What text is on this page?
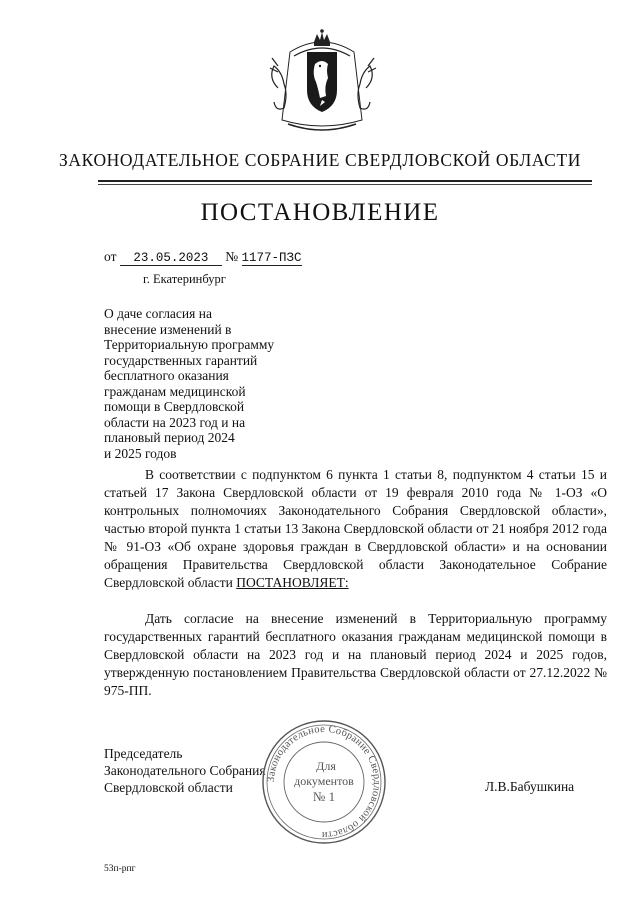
ЗАКОНОДАТЕЛЬНОЕ СОБРАНИЕ СВЕРДЛОВСКОЙ ОБЛАСТИ
ПОСТАНОВЛЕНИЕ
от 23.05.2023 № 1177-ПЗС
г. Екатеринбург
О даче согласия на
внесение изменений в
Территориальную программу
государственных гарантий
бесплатного оказания
гражданам медицинской
помощи в Свердловской
области на 2023 год и на
плановый период 2024
и 2025 годов
В соответствии с подпунктом 6 пункта 1 статьи 8, подпунктом 4 статьи 15 и статьей 17 Закона Свердловской области от 19 февраля 2010 года № 1-ОЗ «О контрольных полномочиях Законодательного Собрания Свердловской области», частью второй пункта 1 статьи 13 Закона Свердловской области от 21 ноября 2012 года № 91-ОЗ «Об охране здоровья граждан в Свердловской области» и на основании обращения Правительства Свердловской области Законодательное Собрание Свердловской области ПОСТАНОВЛЯЕТ:
Дать согласие на внесение изменений в Территориальную программу государственных гарантий бесплатного оказания гражданам медицинской помощи в Свердловской области на 2023 год и на плановый период 2024 и 2025 годов, утвержденную постановлением Правительства Свердловской области от 27.12.2022 № 975-ПП.
Председатель
Законодательного Собрания
Свердловской области	Л.В.Бабушкина
Законодательное Собрание Свердловской области
Для
документов
№ 1
53п-рпг
